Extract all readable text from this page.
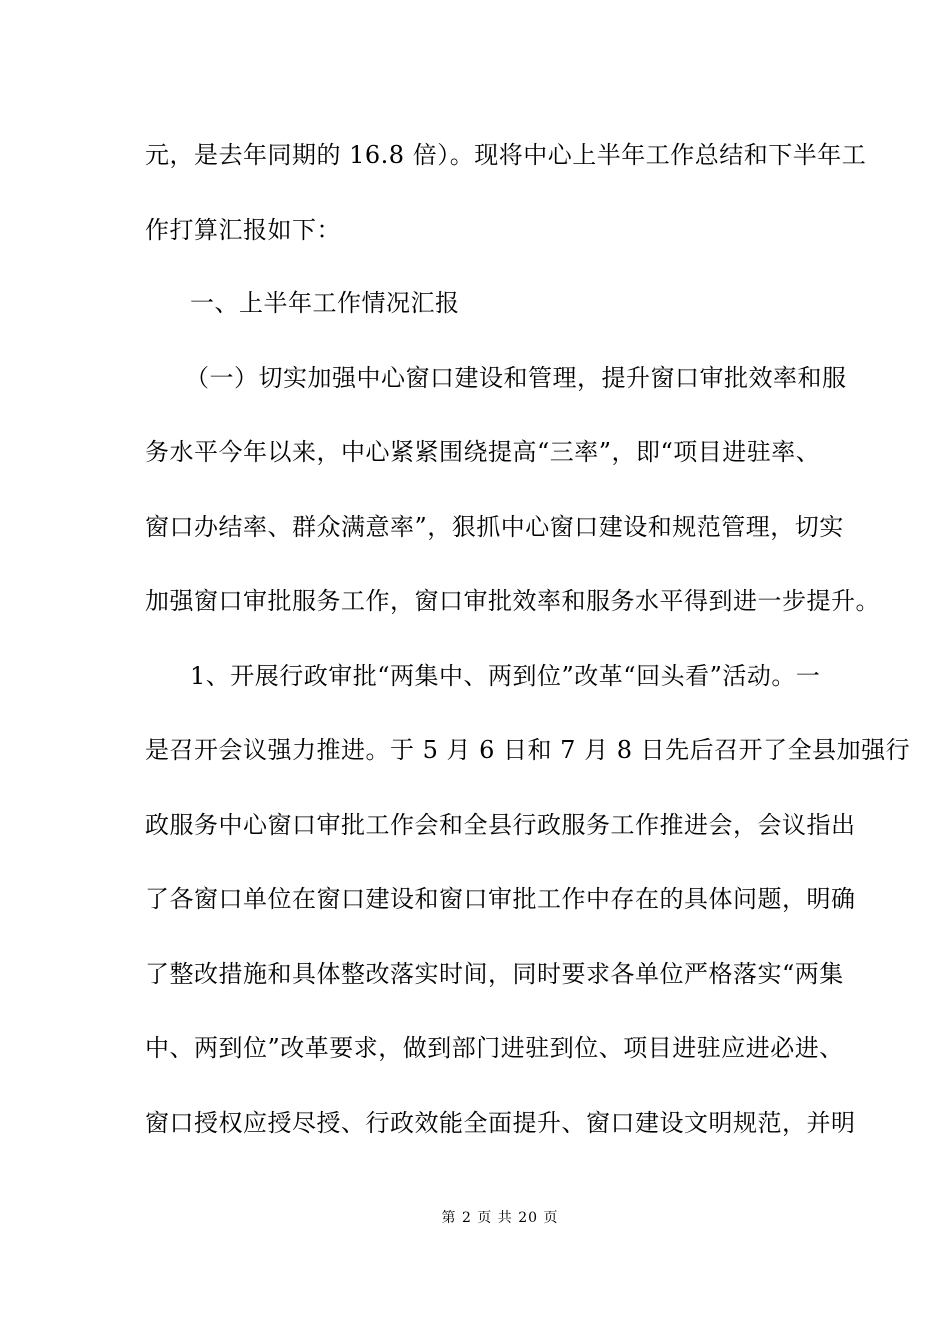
元，是去年同期的 16.8 倍）。现将中心上半年工作总结和下半年工
作打算汇报如下：
一、上半年工作情况汇报
（一）切实加强中心窗口建设和管理，提升窗口审批效率和服
务水平今年以来，中心紧紧围绕提高“三率”，即“项目进驻率、
窗口办结率、群众满意率”，狠抓中心窗口建设和规范管理，切实
加强窗口审批服务工作，窗口审批效率和服务水平得到进一步提升。
1、开展行政审批“两集中、两到位”改革“回头看”活动。一
是召开会议强力推进。于 5 月 6 日和 7 月 8 日先后召开了全县加强行
政服务中心窗口审批工作会和全县行政服务工作推进会，会议指出
了各窗口单位在窗口建设和窗口审批工作中存在的具体问题，明确
了整改措施和具体整改落实时间，同时要求各单位严格落实“两集
中、两到位”改革要求，做到部门进驻到位、项目进驻应进必进、
窗口授权应授尽授、行政效能全面提升、窗口建设文明规范，并明
第 2 页 共 20 页
